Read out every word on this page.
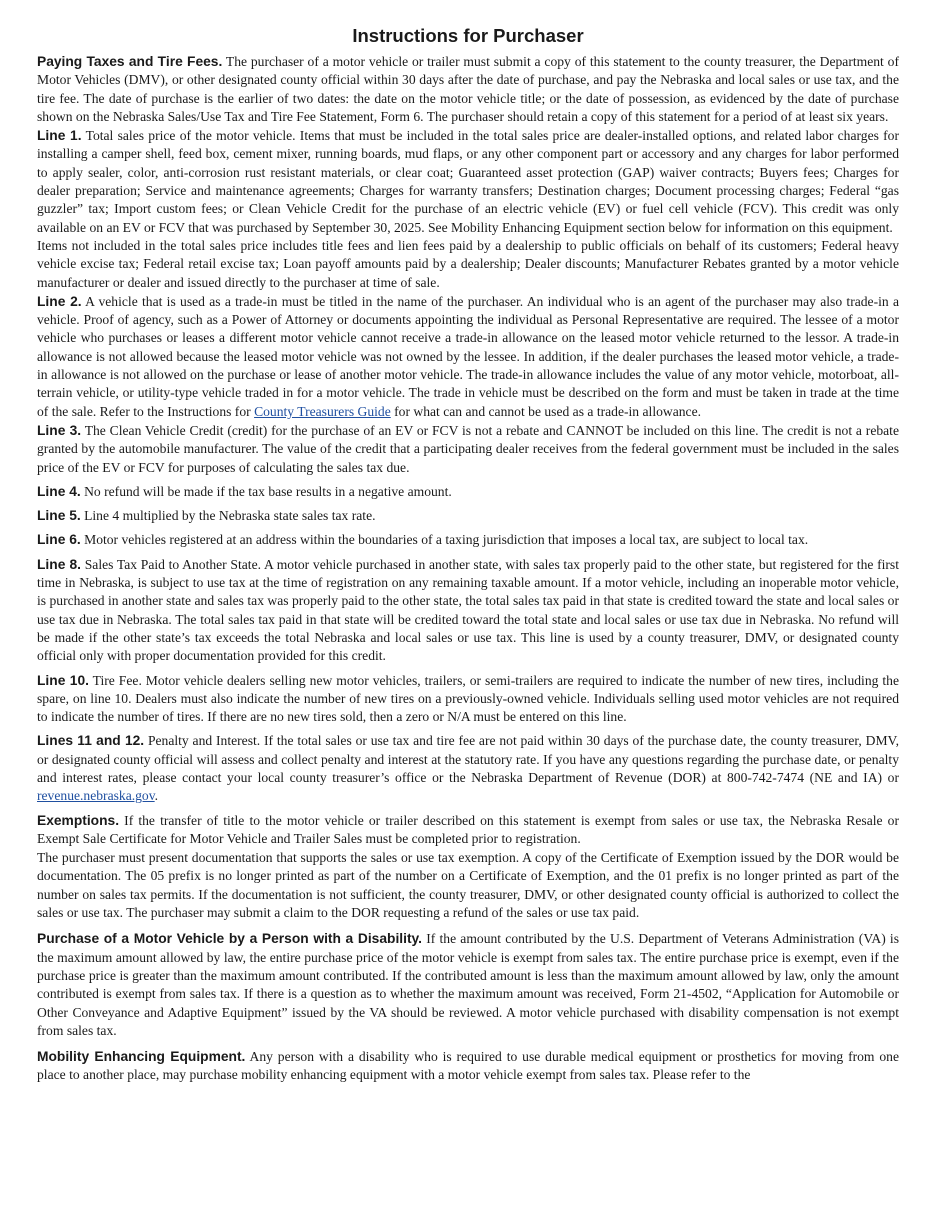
Instructions for Purchaser

Paying Taxes and Tire Fees. The purchaser of a motor vehicle or trailer must submit a copy of this statement to the county treasurer, the Department of Motor Vehicles (DMV), or other designated county official within 30 days after the date of purchase, and pay the Nebraska and local sales or use tax, and the tire fee. The date of purchase is the earlier of two dates: the date on the motor vehicle title; or the date of possession, as evidenced by the date of purchase shown on the Nebraska Sales/Use Tax and Tire Fee Statement, Form 6. The purchaser should retain a copy of this statement for a period of at least six years.

Line 1. Total sales price of the motor vehicle. Items that must be included in the total sales price are dealer-installed options, and related labor charges for installing a camper shell, feed box, cement mixer, running boards, mud flaps, or any other component part or accessory and any charges for labor performed to apply sealer, color, anti-corrosion rust resistant materials, or clear coat; Guaranteed asset protection (GAP) waiver contracts; Buyers fees; Charges for dealer preparation; Service and maintenance agreements; Charges for warranty transfers; Destination charges; Document processing charges; Federal “gas guzzler” tax; Import custom fees; or Clean Vehicle Credit for the purchase of an electric vehicle (EV) or fuel cell vehicle (FCV). This credit was only available on an EV or FCV that was purchased by September 30, 2025. See Mobility Enhancing Equipment section below for information on this equipment.

Items not included in the total sales price includes title fees and lien fees paid by a dealership to public officials on behalf of its customers; Federal heavy vehicle excise tax; Federal retail excise tax; Loan payoff amounts paid by a dealership; Dealer discounts; Manufacturer Rebates granted by a motor vehicle manufacturer or dealer and issued directly to the purchaser at time of sale.

Line 2. A vehicle that is used as a trade-in must be titled in the name of the purchaser. An individual who is an agent of the purchaser may also trade-in a vehicle. Proof of agency, such as a Power of Attorney or documents appointing the individual as Personal Representative are required. The lessee of a motor vehicle who purchases or leases a different motor vehicle cannot receive a trade-in allowance on the leased motor vehicle returned to the lessor. A trade-in allowance is not allowed because the leased motor vehicle was not owned by the lessee. In addition, if the dealer purchases the leased motor vehicle, a trade-in allowance is not allowed on the purchase or lease of another motor vehicle. The trade-in allowance includes the value of any motor vehicle, motorboat, all-terrain vehicle, or utility-type vehicle traded in for a motor vehicle. The trade in vehicle must be described on the form and must be taken in trade at the time of the sale. Refer to the Instructions for County Treasurers Guide for what can and cannot be used as a trade-in allowance.

Line 3. The Clean Vehicle Credit (credit) for the purchase of an EV or FCV is not a rebate and CANNOT be included on this line. The credit is not a rebate granted by the automobile manufacturer. The value of the credit that a participating dealer receives from the federal government must be included in the sales price of the EV or FCV for purposes of calculating the sales tax due.

Line 4. No refund will be made if the tax base results in a negative amount.

Line 5. Line 4 multiplied by the Nebraska state sales tax rate.

Line 6. Motor vehicles registered at an address within the boundaries of a taxing jurisdiction that imposes a local tax, are subject to local tax.

Line 8. Sales Tax Paid to Another State. A motor vehicle purchased in another state, with sales tax properly paid to the other state, but registered for the first time in Nebraska, is subject to use tax at the time of registration on any remaining taxable amount. If a motor vehicle, including an inoperable motor vehicle, is purchased in another state and sales tax was properly paid to the other state, the total sales tax paid in that state is credited toward the state and local sales or use tax due in Nebraska. The total sales tax paid in that state will be credited toward the total state and local sales or use tax due in Nebraska. No refund will be made if the other state’s tax exceeds the total Nebraska and local sales or use tax. This line is used by a county treasurer, DMV, or designated county official only with proper documentation provided for this credit.

Line 10. Tire Fee. Motor vehicle dealers selling new motor vehicles, trailers, or semi-trailers are required to indicate the number of new tires, including the spare, on line 10. Dealers must also indicate the number of new tires on a previously-owned vehicle. Individuals selling used motor vehicles are not required to indicate the number of tires. If there are no new tires sold, then a zero or N/A must be entered on this line.

Lines 11 and 12. Penalty and Interest. If the total sales or use tax and tire fee are not paid within 30 days of the purchase date, the county treasurer, DMV, or designated county official will assess and collect penalty and interest at the statutory rate. If you have any questions regarding the purchase date, or penalty and interest rates, please contact your local county treasurer’s office or the Nebraska Department of Revenue (DOR) at 800-742-7474 (NE and IA) or revenue.nebraska.gov.

Exemptions. If the transfer of title to the motor vehicle or trailer described on this statement is exempt from sales or use tax, the Nebraska Resale or Exempt Sale Certificate for Motor Vehicle and Trailer Sales must be completed prior to registration.

The purchaser must present documentation that supports the sales or use tax exemption. A copy of the Certificate of Exemption issued by the DOR would be documentation. The 05 prefix is no longer printed as part of the number on a Certificate of Exemption, and the 01 prefix is no longer printed as part of the number on sales tax permits. If the documentation is not sufficient, the county treasurer, DMV, or other designated county official is authorized to collect the sales or use tax. The purchaser may submit a claim to the DOR requesting a refund of the sales or use tax paid.

Purchase of a Motor Vehicle by a Person with a Disability. If the amount contributed by the U.S. Department of Veterans Administration (VA) is the maximum amount allowed by law, the entire purchase price of the motor vehicle is exempt from sales tax. The entire purchase price is exempt, even if the purchase price is greater than the maximum amount contributed. If the contributed amount is less than the maximum amount allowed by law, only the amount contributed is exempt from sales tax. If there is a question as to whether the maximum amount was received, Form 21-4502, “Application for Automobile or Other Conveyance and Adaptive Equipment” issued by the VA should be reviewed. A motor vehicle purchased with disability compensation is not exempt from sales tax.

Mobility Enhancing Equipment. Any person with a disability who is required to use durable medical equipment or prosthetics for moving from one place to another place, may purchase mobility enhancing equipment with a motor vehicle exempt from sales tax. Please refer to the
